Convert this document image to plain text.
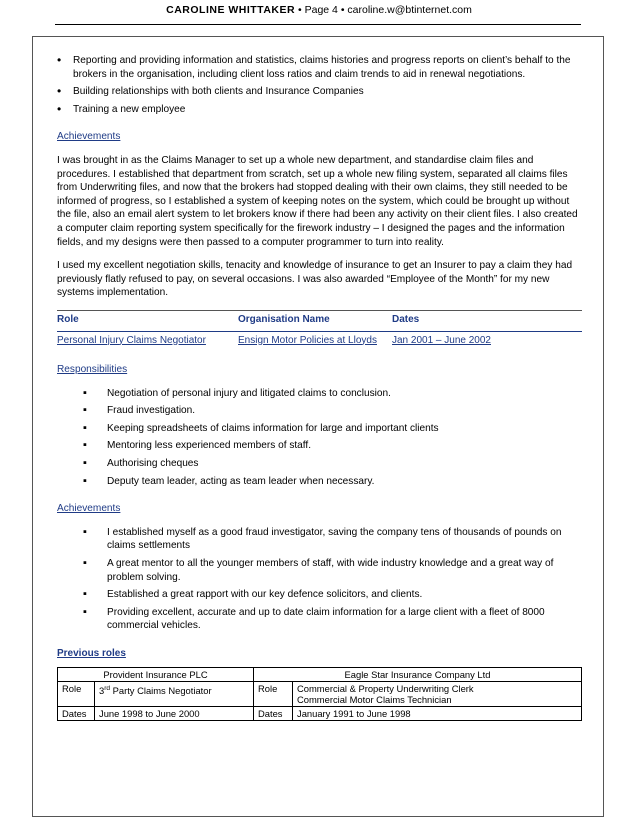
CAROLINE WHITTAKER • Page 4 • caroline.w@btinternet.com
• Reporting and providing information and statistics, claims histories and progress reports on client’s behalf to the brokers in the organisation, including client loss ratios and claim trends to aid in renewal negotiations.
• Building relationships with both clients and Insurance Companies
• Training a new employee
Achievements

I was brought in as the Claims Manager to set up a whole new department, and standardise claim files and procedures. I established that department from scratch, set up a whole new filing system, separated all claims files from Underwriting files, and now that the brokers had stopped dealing with their own claims, they still needed to be informed of progress, so I established a system of keeping notes on the system, which could be brought up without the file, also an email alert system to let brokers know if there had been any activity on their client files. I also created a computer claim reporting system specifically for the firework industry – I designed the pages and the information fields, and my designs were then passed to a computer programmer to turn into reality.

I used my excellent negotiation skills, tenacity and knowledge of insurance to get an Insurer to pay a claim they had previously flatly refused to pay, on several occasions. I was also awarded “Employee of the Month” for my new systems implementation.

Role	Organisation Name	Dates
Personal Injury Claims Negotiator	Ensign Motor Policies at Lloyds	Jan 2001 – June 2002
Responsibilities
▪ Negotiation of personal injury and litigated claims to conclusion.
▪ Fraud investigation.
▪ Keeping spreadsheets of claims information for large and important clients
▪ Mentoring less experienced members of staff.
▪ Authorising cheques
▪ Deputy team leader, acting as team leader when necessary.
Achievements
▪ I established myself as a good fraud investigator, saving the company tens of thousands of pounds on claims settlements
▪ A great mentor to all the younger members of staff, with wide industry knowledge and a great way of problem solving.
▪ Established a great rapport with our key defence solicitors, and clients.
▪ Providing excellent, accurate and up to date claim information for a large client with a fleet of 8000 commercial vehicles.
Previous roles
Provident Insurance PLC		Eagle Star Insurance Company Ltd	
Role	3rd Party Claims Negotiator	Role	Commercial & Property Underwriting Clerk
Commercial Motor Claims Technician

Dates	June 1998 to June 2000	Dates	January 1991 to June 1998
